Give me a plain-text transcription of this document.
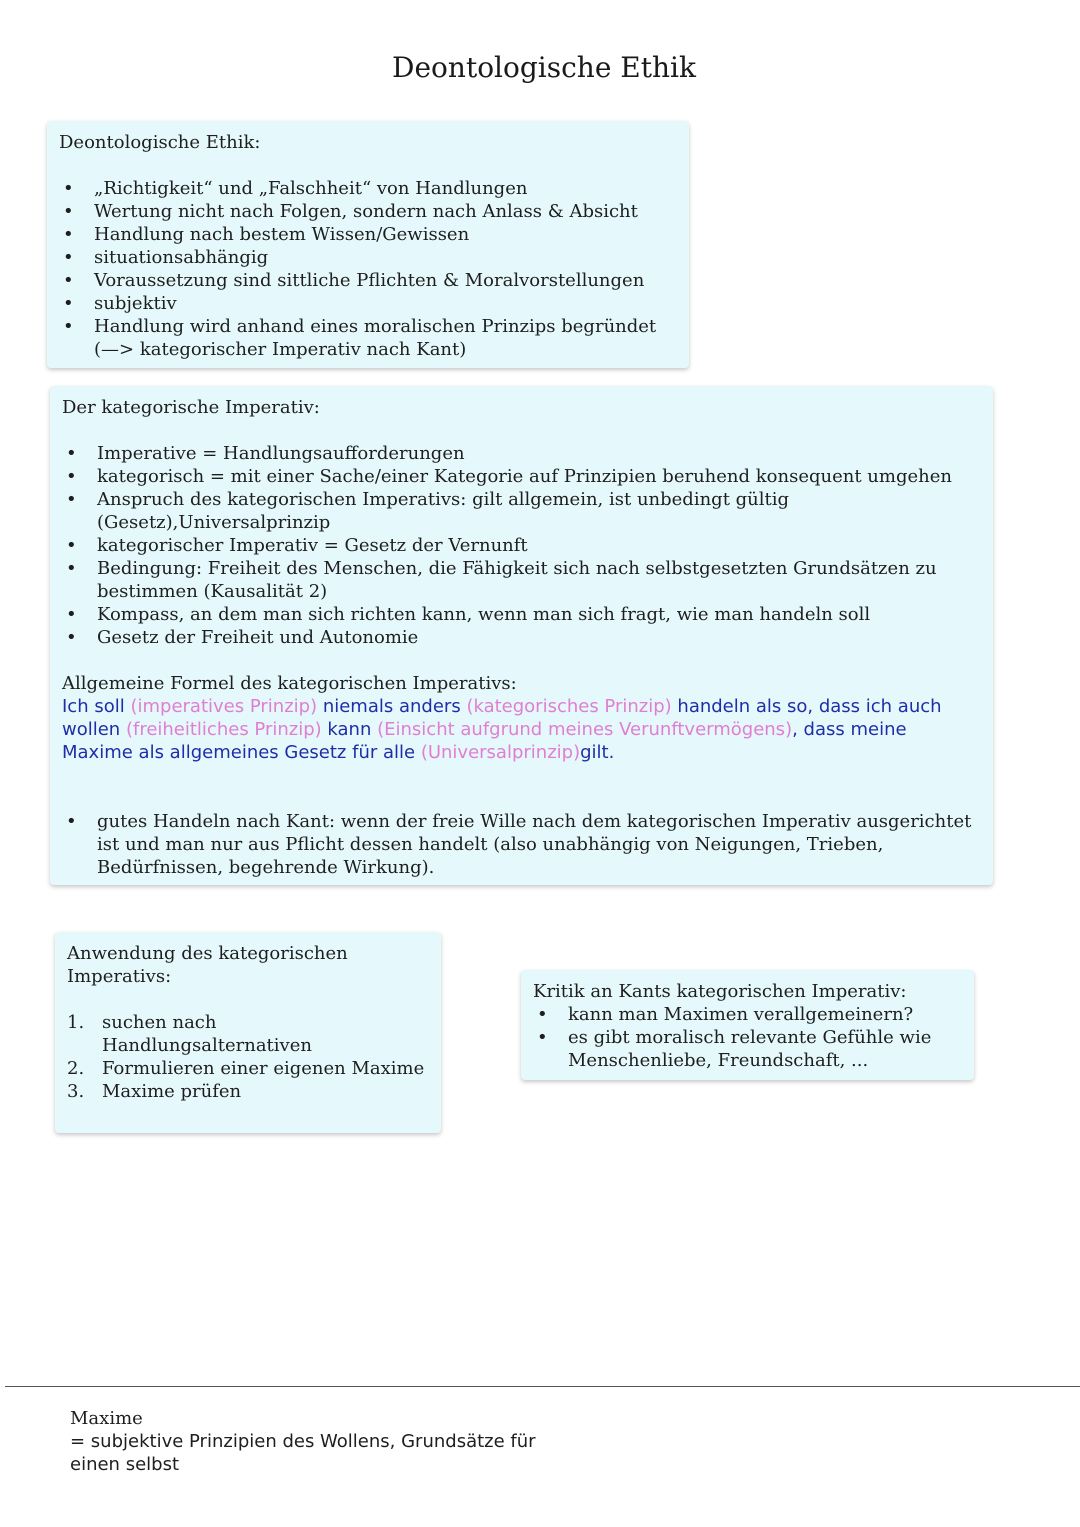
Deontologische Ethik

Deontologische Ethik:

• „Richtigkeit“ und „Falschheit“ von Handlungen
• Wertung nicht nach Folgen, sondern nach Anlass & Absicht
• Handlung nach bestem Wissen/Gewissen
• situationsabhängig
• Voraussetzung sind sittliche Pflichten & Moralvorstellungen
• subjektiv
• Handlung wird anhand eines moralischen Prinzips begründet (—> kategorischer Imperativ nach Kant)

Der kategorische Imperativ:

• Imperative = Handlungsaufforderungen
• kategorisch = mit einer Sache/einer Kategorie auf Prinzipien beruhend konsequent umgehen
• Anspruch des kategorischen Imperativs: gilt allgemein, ist unbedingt gültig (Gesetz),Universalprinzip
• kategorischer Imperativ = Gesetz der Vernunft
• Bedingung: Freiheit des Menschen, die Fähigkeit sich nach selbstgesetzten Grundsätzen zu bestimmen (Kausalität 2)
• Kompass, an dem man sich richten kann, wenn man sich fragt, wie man handeln soll
• Gesetz der Freiheit und Autonomie

Allgemeine Formel des kategorischen Imperativs:

Ich soll (imperatives Prinzip) niemals anders (kategorisches Prinzip) handeln als so, dass ich auch wollen (freiheitliches Prinzip) kann (Einsicht aufgrund meines Verunftvermögens), dass meine Maxime als allgemeines Gesetz für alle (Universalprinzip)gilt.

• gutes Handeln nach Kant: wenn der freie Wille nach dem kategorischen Imperativ ausgerichtet ist und man nur aus Pflicht dessen handelt (also unabhängig von Neigungen, Trieben, Bedürfnissen, begehrende Wirkung).

Anwendung des kategorischen Imperativs:

1. suchen nach Handlungsalternativen
2. Formulieren einer eigenen Maxime
3. Maxime prüfen

Kritik an Kants kategorischen Imperativ:

• kann man Maximen verallgemeinern?
• es gibt moralisch relevante Gefühle wie Menschenliebe, Freundschaft, ...
Maxime
= subjektive Prinzipien des Wollens, Grundsätze für einen selbst
